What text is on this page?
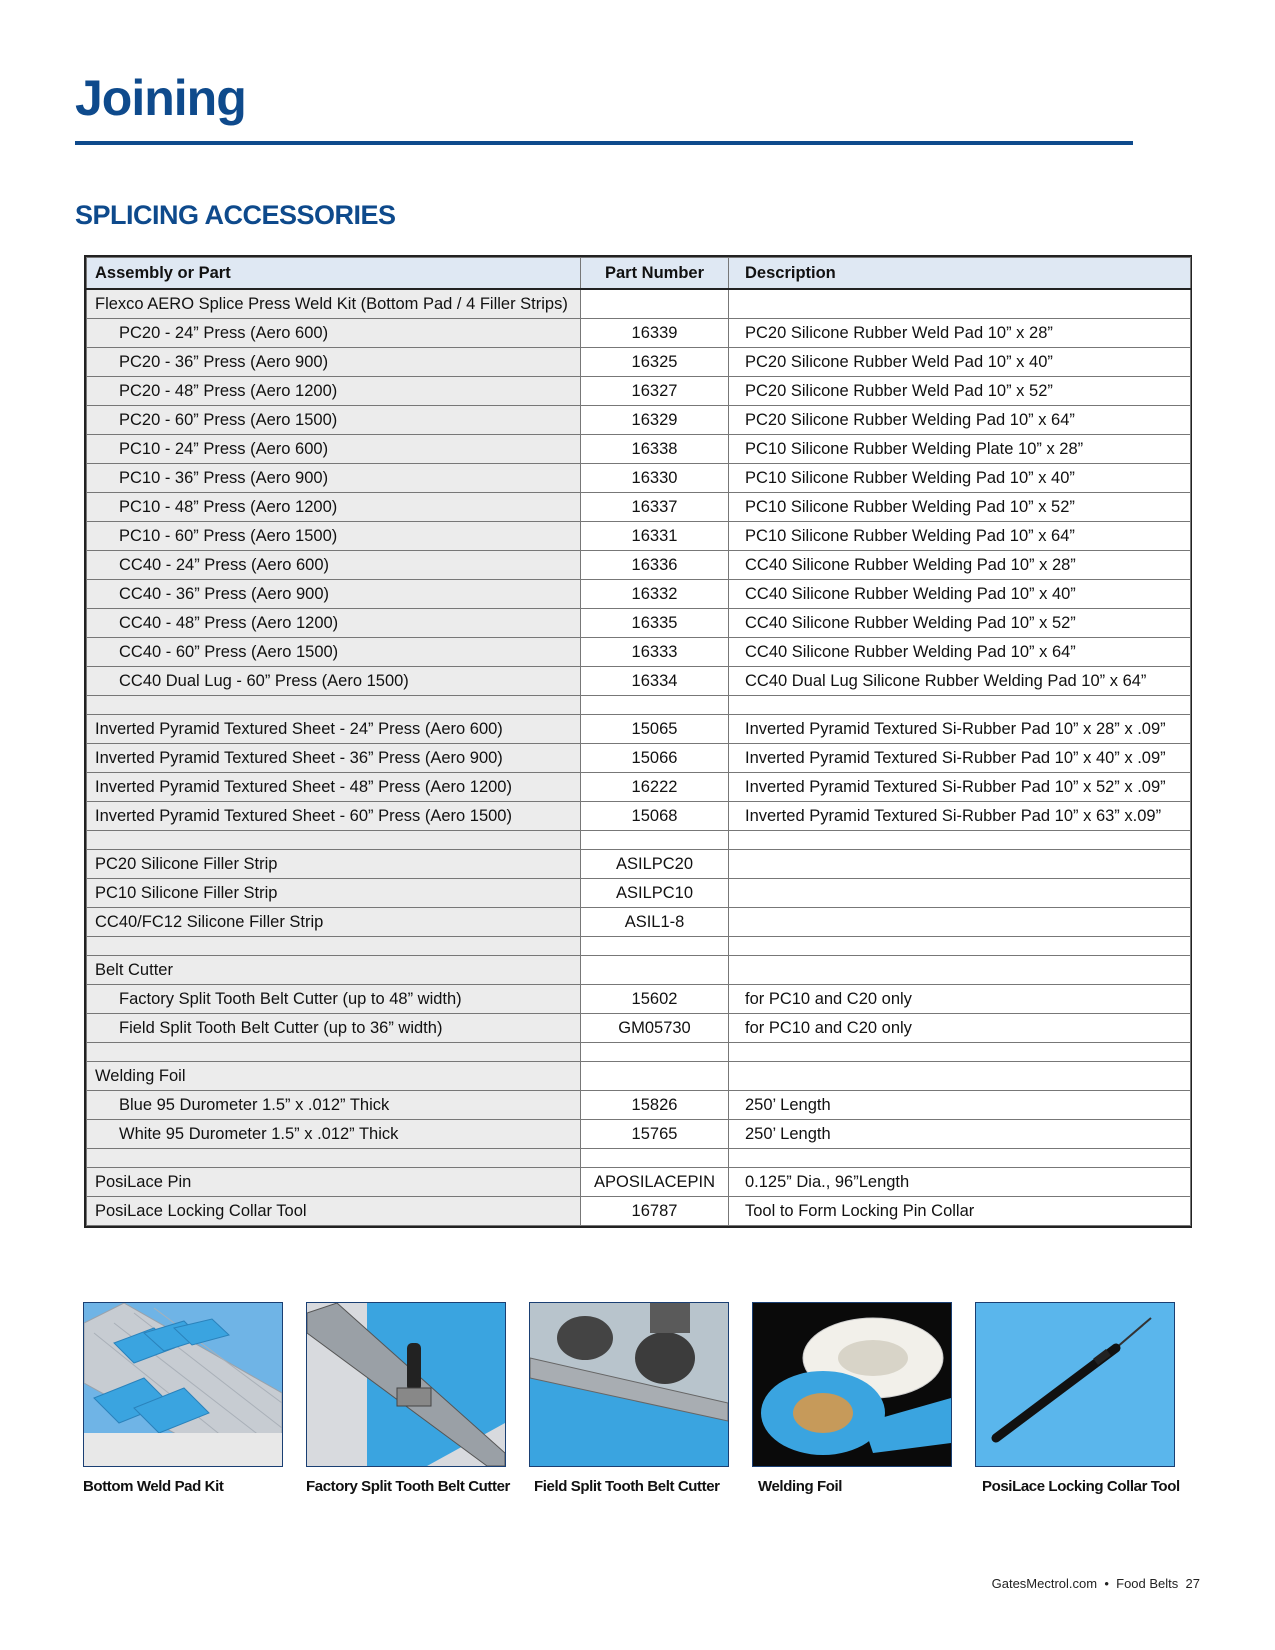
Joining
SPLICING ACCESSORIES
Assembly or Part	Part Number	Description
Flexco AERO Splice Press Weld Kit (Bottom Pad / 4 Filler Strips)		
PC20 - 24” Press (Aero 600)	16339	PC20 Silicone Rubber Weld Pad 10” x 28”
PC20 - 36” Press (Aero 900)	16325	PC20 Silicone Rubber Weld Pad 10” x 40”
PC20 - 48” Press (Aero 1200)	16327	PC20 Silicone Rubber Weld Pad 10” x 52”
PC20 - 60” Press (Aero 1500)	16329	PC20 Silicone Rubber Welding Pad 10” x 64”
PC10 - 24” Press (Aero 600)	16338	PC10 Silicone Rubber Welding Plate 10” x 28”
PC10 - 36” Press (Aero 900)	16330	PC10 Silicone Rubber Welding Pad 10” x 40”
PC10 - 48” Press (Aero 1200)	16337	PC10 Silicone Rubber Welding Pad 10” x 52”
PC10 - 60” Press (Aero 1500)	16331	PC10 Silicone Rubber Welding Pad 10” x 64”
CC40 - 24” Press (Aero 600)	16336	CC40 Silicone Rubber Welding Pad 10” x 28”
CC40 - 36” Press (Aero 900)	16332	CC40 Silicone Rubber Welding Pad 10” x 40”
CC40 - 48” Press (Aero 1200)	16335	CC40 Silicone Rubber Welding Pad 10” x 52”
CC40 - 60” Press (Aero 1500)	16333	CC40 Silicone Rubber Welding Pad 10” x 64”
CC40 Dual Lug - 60” Press (Aero 1500)	16334	CC40 Dual Lug Silicone Rubber Welding Pad 10” x 64”

Inverted Pyramid Textured Sheet - 24” Press (Aero 600)	15065	Inverted Pyramid Textured Si-Rubber Pad 10” x 28” x .09”
Inverted Pyramid Textured Sheet - 36” Press (Aero 900)	15066	Inverted Pyramid Textured Si-Rubber Pad 10” x 40” x .09”
Inverted Pyramid Textured Sheet - 48” Press (Aero 1200)	16222	Inverted Pyramid Textured Si-Rubber Pad 10” x 52” x .09”
Inverted Pyramid Textured Sheet - 60” Press (Aero 1500)	15068	Inverted Pyramid Textured Si-Rubber Pad 10” x 63” x.09”

PC20 Silicone Filler Strip	ASILPC20	
PC10 Silicone Filler Strip	ASILPC10	
CC40/FC12 Silicone Filler Strip	ASIL1-8	

Belt Cutter		
Factory Split Tooth Belt Cutter (up to 48” width)	15602	for PC10 and C20 only
Field Split Tooth Belt Cutter (up to 36” width)	GM05730	for PC10 and C20 only

Welding Foil		
Blue 95 Durometer 1.5” x .012” Thick	15826	250’ Length
White 95 Durometer 1.5” x .012” Thick	15765	250’ Length

PosiLace Pin	APOSILACEPIN	0.125” Dia., 96”Length
PosiLace Locking Collar Tool	16787	Tool to Form Locking Pin Collar
Bottom Weld Pad Kit	Factory Split Tooth Belt Cutter Field Split Tooth Belt Cutter	Welding Foil	PosiLace Locking Collar Tool
GatesMectrol.com • Food Belts 27
